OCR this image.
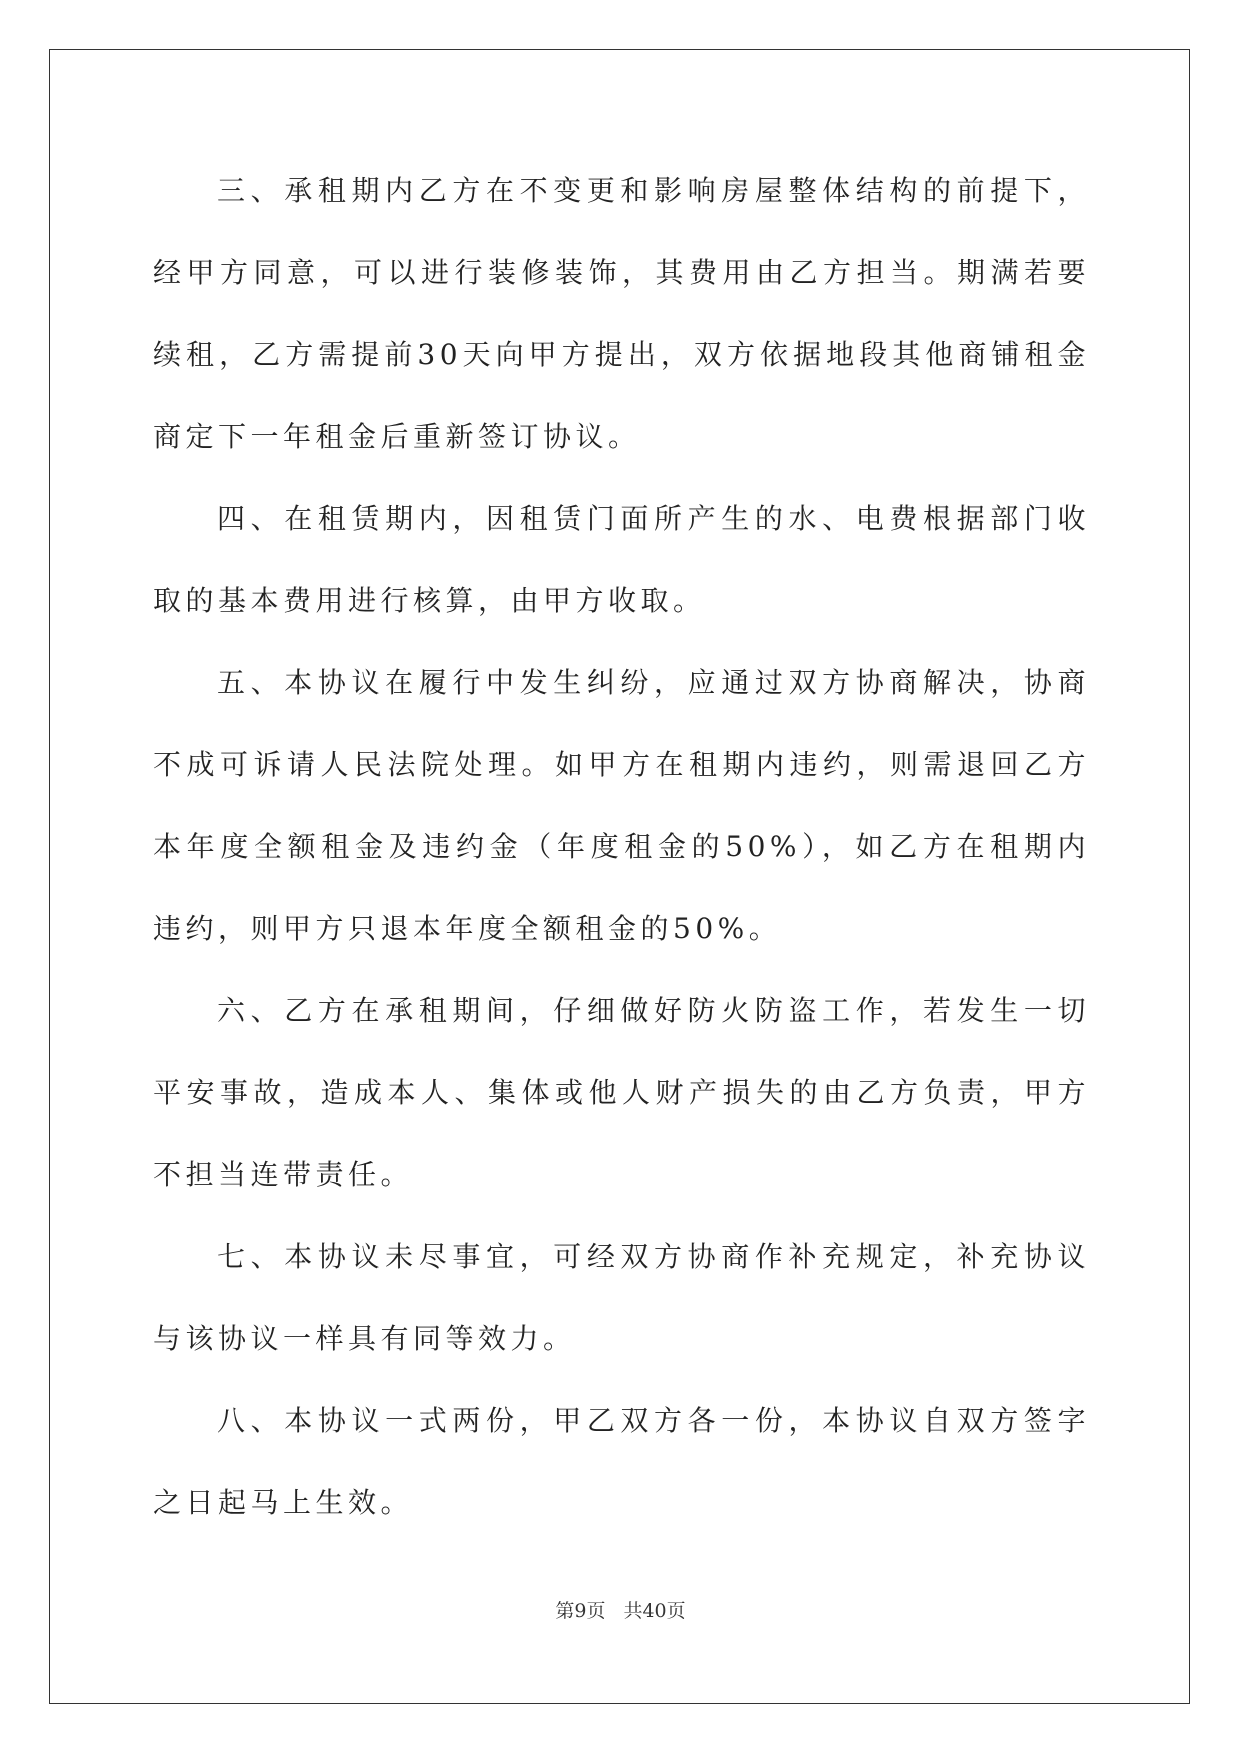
三、承租期内乙方在不变更和影响房屋整体结构的前提下，经甲方同意，可以进行装修装饰，其费用由乙方担当。期满若要续租，乙方需提前30天向甲方提出，双方依据地段其他商铺租金商定下一年租金后重新签订协议。

四、在租赁期内，因租赁门面所产生的水、电费根据部门收取的基本费用进行核算，由甲方收取。

五、本协议在履行中发生纠纷，应通过双方协商解决，协商不成可诉请人民法院处理。如甲方在租期内违约，则需退回乙方本年度全额租金及违约金（年度租金的50%），如乙方在租期内违约，则甲方只退本年度全额租金的50%。

六、乙方在承租期间，仔细做好防火防盗工作，若发生一切平安事故，造成本人、集体或他人财产损失的由乙方负责，甲方不担当连带责任。

七、本协议未尽事宜，可经双方协商作补充规定，补充协议与该协议一样具有同等效力。

八、本协议一式两份，甲乙双方各一份，本协议自双方签字之日起马上生效。

第9页 共40页
